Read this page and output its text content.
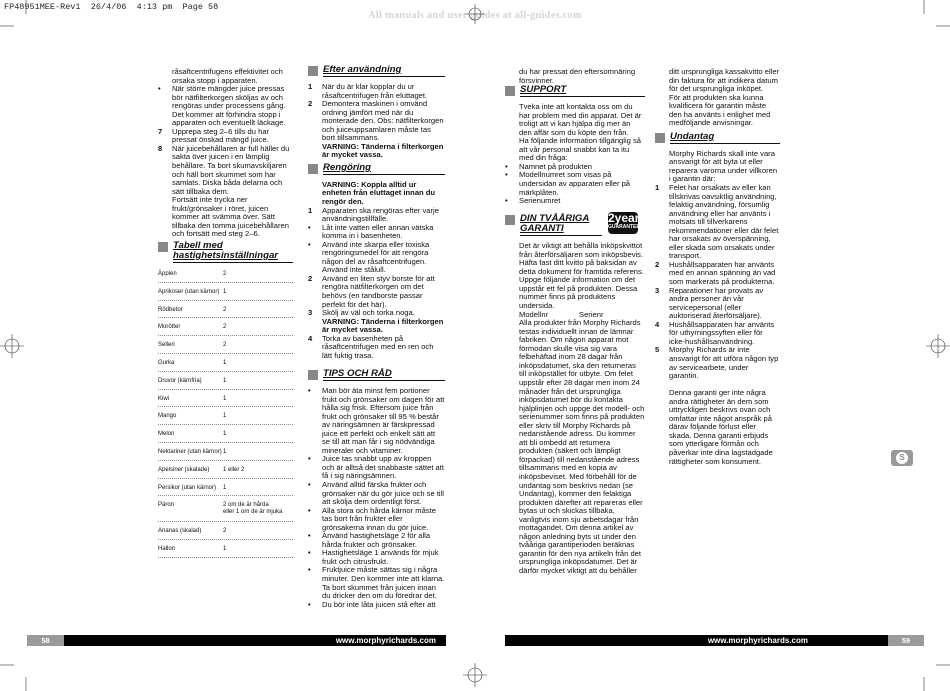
FP48951MEE-Rev1  26/4/06  4:13 pm  Page 58
All manuals and user guides at all-guides.com

råsaftcentrifugens effektivitet och orsaka stopp i apparaten.

•	När större mängder juice pressas bör nätfilterkorgen sköljas av och rengöras under processens gång. Det kommer att förhindra stopp i apparaten och eventuellt läckage.
7	Upprepa steg 2–6 tills du har pressat önskad mängd juice.
8	När juicebehållaren är full häller du sakta över juicen i en lämplig behållare. Ta bort skumavskiljaren och häll bort skummet som har samlats. Diska båda delarna och sätt tillbaka dem.

Fortsätt inte trycka ner frukt/grönsaker i röret, juicen kommer att svämma över. Sätt tillbaka den tomma juicebehållaren och fortsätt med steg 2–6.

Tabell med hastighetsinställningar
Äpplen	2
Aprikoser (utan kärnor) 1
Rödbetor	2
Morötter	2
Selleri	2
Gurka	1
Druvor (kärnfria)	1
Kiwi	1
Mango	1
Melon	1
Nektariner (utan kärnor) 1
Apelsiner (skalade)	1 eller 2
Persikor (utan kärnor)	1
Päron	2 om de är hårda
eller 1 om de är mjuka
Ananas (skalad)	2
Hallon	1
Efter användning
1	När du är klar kopplar du ur råsaftcentrifugen från eluttaget.
2	Demontera maskinen i omvänd ordning jämfört med när du monterade den. Obs: nätfilterkorgen och juiceuppsamlaren måste tas bort tillsammans.

VARNING: Tänderna i filterkorgen är mycket vassa.

Rengöring

VARNING: Koppla alltid ur enheten från eluttaget innan du rengör den.

1	Apparaten ska rengöras efter varje användningstillfälle.
•	Låt inte vatten eller annan vätska komma in i basenheten.
•	Använd inte skarpa eller toxiska rengöringsmedel för att rengöra någon del av råsaftcentrifugen. Använd inte stålull.
2	Använd en liten styv borste för att rengöra nätfilterkorgen om det behövs (en tandborste passar perfekt för det här).
3	Skölj av väl och torka noga.

VARNING: Tänderna i filterkorgen är mycket vassa.

4	Torka av basenheten på råsaftcentrifugen med en ren och lätt fuktig trasa.
TIPS OCH RÅD
•	Man bör äta minst fem portioner frukt och grönsaker om dagen för att hålla sig frisk. Eftersom juice från frukt och grönsaker till 95 % består av näringsämnen är färskpressad juice ett perfekt och enkelt sätt att se till att man får i sig nödvändiga mineraler och vitaminer.
•	Juice tas snabbt upp av kroppen och är alltså det snabbaste sättet att få i sig näringsämnen.
•	Använd alltid färska frukter och grönsaker när du gör juice och se till att skölja dem ordentligt först.
•	Alla stora och hårda kärnor måste tas bort från frukter eller grönsakerna innan du gör juice.
•	Använd hastighetsläge 2 för alla hårda frukter och grönsaker.
•	Hastighetsläge 1 används för mjuk frukt och citrusfrukt.
•	Fruktjuice måste sättas sig i några minuter. Den kommer inte att klarna. Ta bort skummet från juicen innan du dricker den om du föredrar det.
•	Du bör inte låta juicen stå efter att

du har pressat den eftersomnäring försvinner.

SUPPORT

Tveka inte att kontakta oss om du har problem med din apparat. Det är troligt att vi kan hjälpa dig mer än den affär som du köpte den från.

Ha följande information tillgänglig så att vår personal snabbt kan ta itu med din fråga:

•	Namnet på produkten
•	Modellnumret som visas på undersidan av apparaten eller på märkplåten.
•	Serienumret
DIN TVÅÅRIGA GARANTI
2year
GUARANTEE

Det är viktigt att behålla inköpskvittot från återförsäljaren som inköpsbevis. Häfta fast ditt kvitto på baksidan av detta dokument för framtida referens. Uppge följande information om det uppstår ett fel på produkten. Dessa nummer finns på produktens undersida.

Modellnr	Serienr

Alla produkter från Morphy Richards testas individuellt innan de lämnar fabriken. Om någon apparat mot förmodan skulle visa sig vara felbehäftad inom 28 dagar från inköpsdatumet, ska den returneras till inköpstället för utbyte. Om felet uppstår efter 28 dagar men inom 24 månader från det ursprungliga inköpsdatumet bör du kontakta hjälplinjen och uppge det modell- och serienummer som finns på produkten eller skriv till Morphy Richards på nedanstående adress. Du kommer att bli ombedd att returnera produkten (säkert och lämpligt förpackad) till nedanstående adress tillsammans med en kopia av inköpsbeviset. Med förbehåll för de undantag som beskrivs nedan (se Undantag), kommer den felaktiga produkten därefter att repareras eller bytas ut och skickas tillbaka, vanligtvis inom sju arbetsdagar från mottagandet. Om denna artikel av någon anledning byts ut under den tvååriga garantiperioden beräknas garantin för den nya artikeln från det ursprungliga inköpsdatumet. Det är därför mycket viktigt att du behåller

ditt ursprungliga kassakvitto eller din faktura för att indikera datum för det ursprungliga inköpet.

För att produkten ska kunna kvalificera för garantin måste den ha använts i enlighet med medföljande anvisningar.

Undantag

Morphy Richards skall inte vara ansvarigt för att byta ut eller reparera varorna under villkoren i garantin där:

1	Felet har orsakats av eller kan tillskrivas oavsiktlig användning, felaktig användning, försumlig användning eller har använts i motsats till tillverkarens rekommendationer eller där felet har orsakats av överspänning, eller skada som orsakats under transport.
2	Hushållsapparaten har använts med en annan spänning än vad som markerats på produkterna.
3	Reparationer har provats av andra personer än vår servicepersonal (eller auktoriserad återförsäljare).
4	Hushållsapparaten har använts för uthyrningssyften eller för icke-hushållsanvändning.
5	Morphy Richards är inte ansvarigt för att utföra någon typ av servicearbete, under garantin.

Denna garanti ger inte några andra rättigheter än dem som uttryckligen beskrivs ovan och omfattar inte något anspråk på därav följande förlust eller skada. Denna garanti erbjuds som ytterligare förmån och påverkar inte dina lagstadgade rättigheter som konsument.	S
58	www.morphyrichards.com	www.morphyrichards.com	59
